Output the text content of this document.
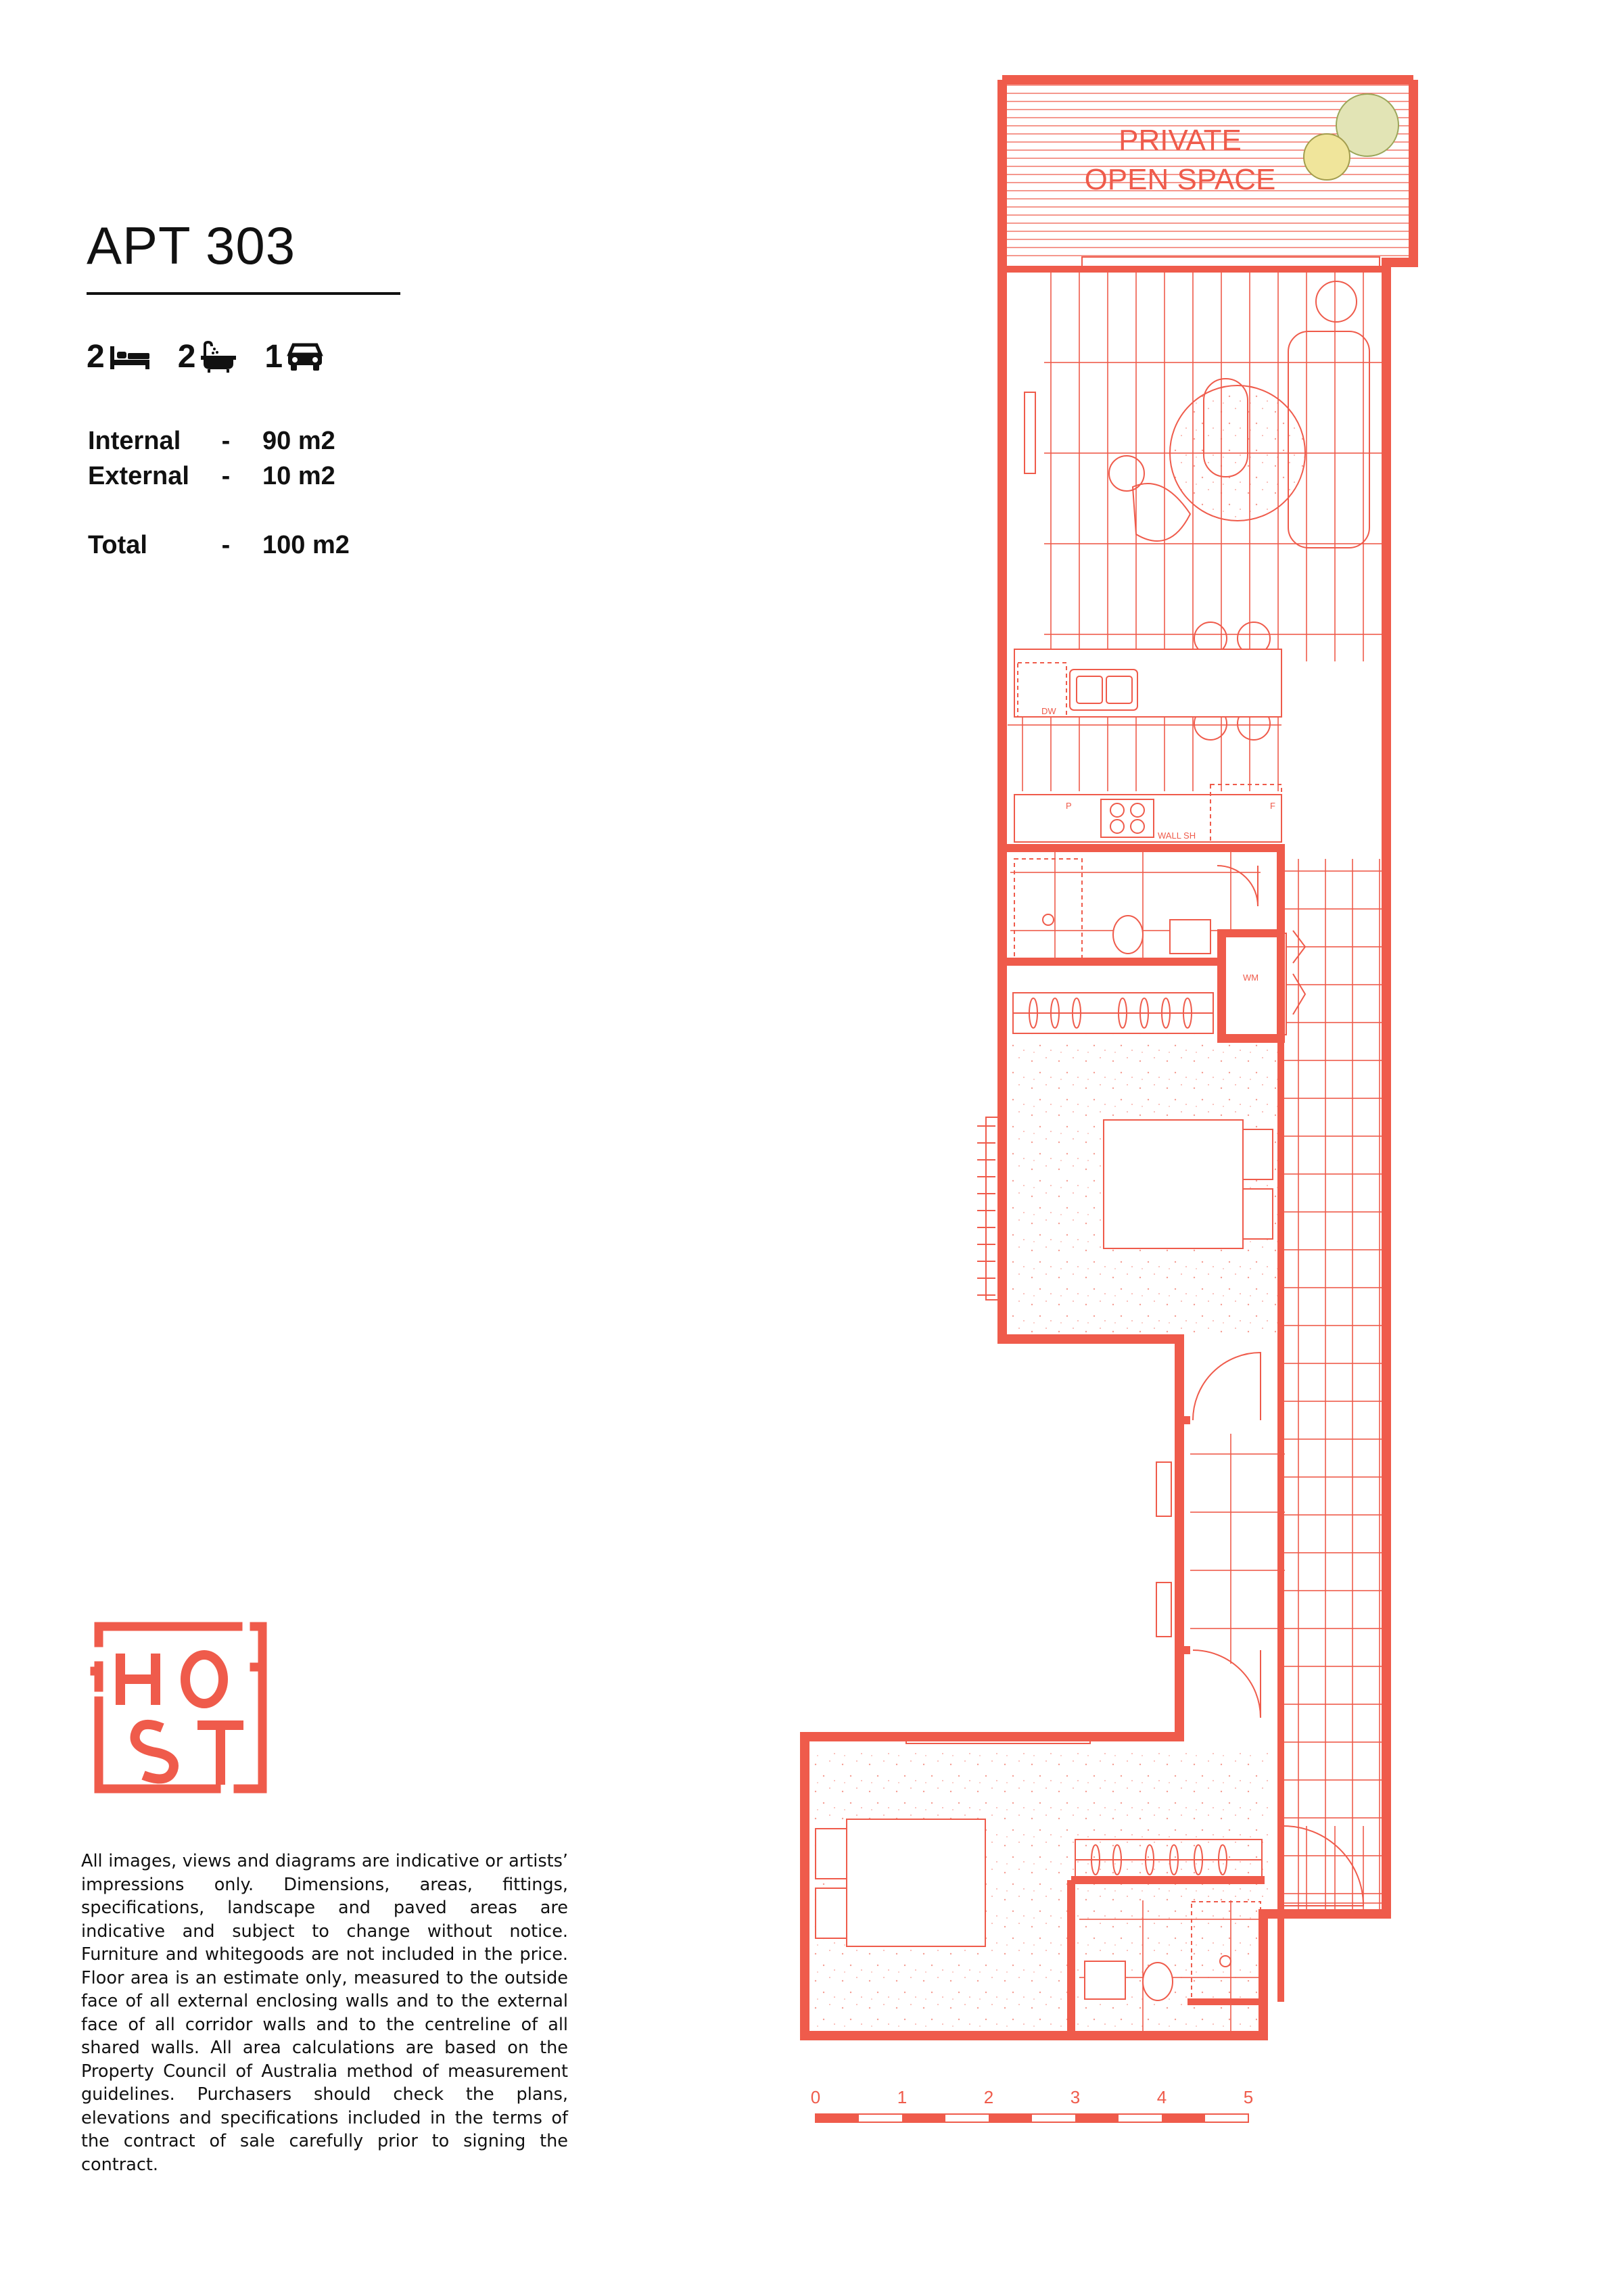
APT 303
2 2 1
Internal	-	90 m2
External	-	10 m2
Total	-	100 m2
All images, views and diagrams are indicative or artists’ impressions only. Dimensions, areas, fittings, specifications, landscape and paved areas are indicative and subject to change without notice. Furniture and whitegoods are not included in the price. Floor area is an estimate only, measured to the outside face of all external enclosing walls and to the external face of all corridor walls and to the centreline of all shared walls. All area calculations are based on the Property Council of Australia method of measurement guidelines. Purchasers should check the plans, elevations and specifications included in the terms of the contract of sale carefully prior to signing the contract.
PRIVATE
OPEN SPACE
DW
P	F
WALL SH
WM
0	1	2	3	4	5
